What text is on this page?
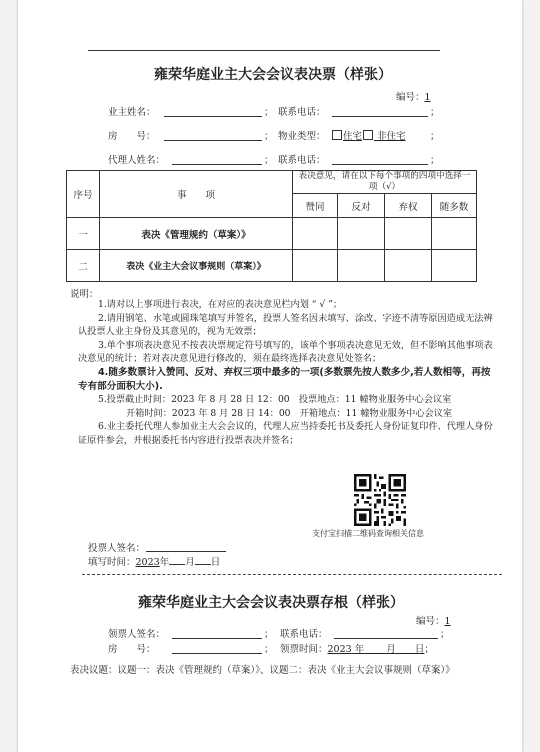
雍荣华庭业主大会会议表决票（样张）
编号：1
业主姓名：	； 联系电话：	；
房　　号：	； 物业类型：	住宅 非住宅	；
代理人姓名：	； 联系电话：	；
序号	事　　项	表决意见，请在以下每个事项的四项中选择一项（√）			
		赞同	反对	弃权	随多数
一	表决《管理规约（草案）》				
二	表决《业主大会议事规则（草案）》				
说明：

1.请对以上事项进行表决，在对应的表决意见栏内划 “ √ ”；

2.请用钢笔、水笔或圆珠笔填写并签名，投票人签名因未填写、涂改、字迹不清等原因造成无法辨认投票人业主身份及其意见的，视为无效票；

3.单个事项表决意见不按表决票规定符号填写的，该单个事项表决意见无效，但不影响其他事项表决意见的统计；若对表决意见进行修改的，须在最终选择表决意见处签名；

4.随多数票计入赞同、反对、弃权三项中最多的一项(多数票先按人数多少,若人数相等，再按专有部分面积大小).

5.投票截止时间：2023 年 8 月 28 日 12：00　投票地点：11 幢物业服务中心会议室

开箱时间：2023 年 8 月 28 日 14：00　开箱地点：11 幢物业服务中心会议室

6.业主委托代理人参加业主大会会议的，代理人应当持委托书及委托人身份证复印件、代理人身份证原件参会，并根据委托书内容进行投票表决并签名；

支付宝扫描二维码查询相关信息
投票人签名：
填写时间：2023年 月 日
雍荣华庭业主大会会议表决票存根（样张）
编号：1
领票人签名：	； 联系电话：	；
房　　号：	； 领票时间：2023 年　　 月　　 日；
表决议题：议题一：表决《管理规约（草案）》、议题二：表决《业主大会议事规则（草案）》
